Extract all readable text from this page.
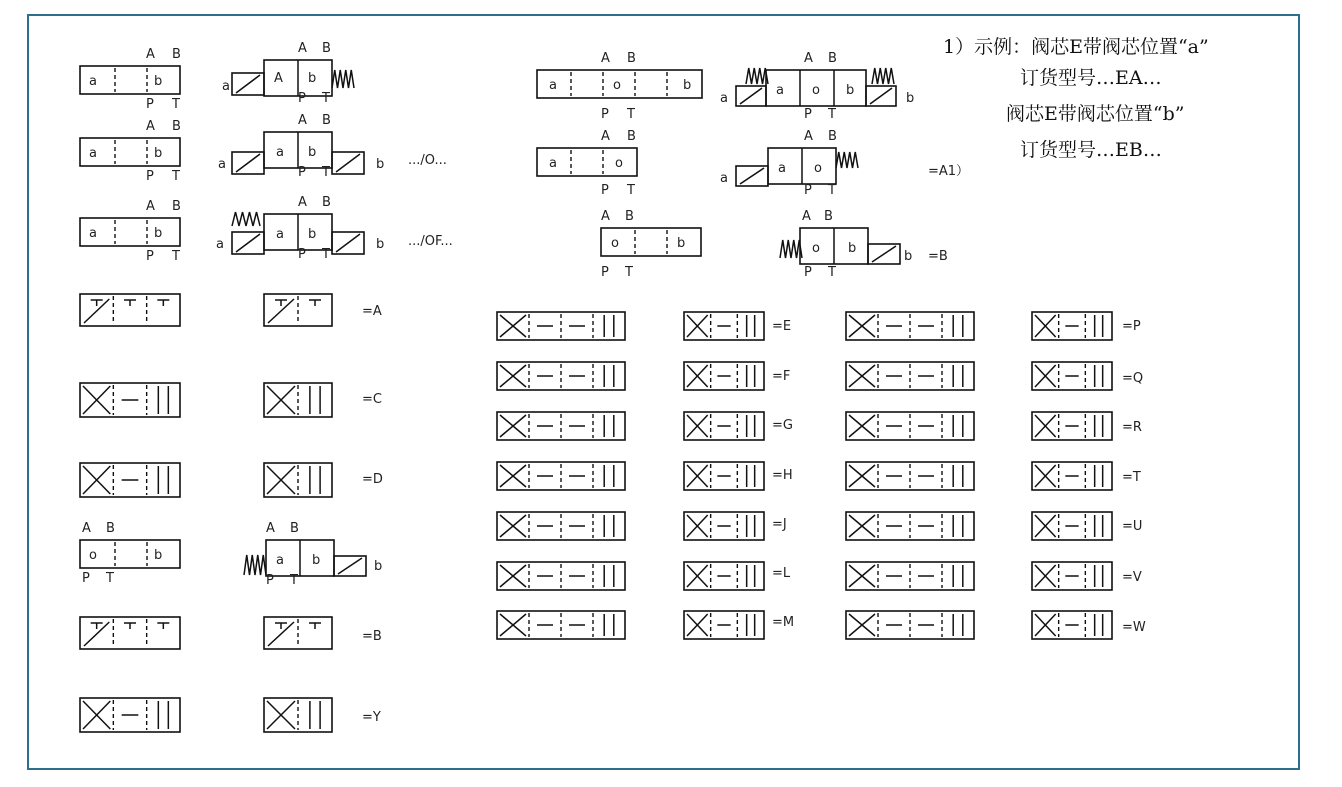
a	b
A B
P T
a
A b
A B
P T
a	b
A B
P T
a b
a	b
A B
P T
a	b
A B
P T
a b
a	b
A B
P T
o	b
A B
P T
a b	b
A B
P T
a	o	b
A B
P T
a o b
a	b
A B
P T
a	o
A B
P T
a o
a
A B
P T
o	b
A B
P T
o b
b
A B
P T
1）示例：阀芯E带阀芯位置“a”
订货型号…EA…
阀芯E带阀芯位置“b”
订货型号…EB…
.../O...
.../OF...
=A
=C
=D
=B
=Y
=A1）
=B
=E
=F
=G
=H
=J
=L
=M
=P
=Q
=R
=T
=U
=V
=W
